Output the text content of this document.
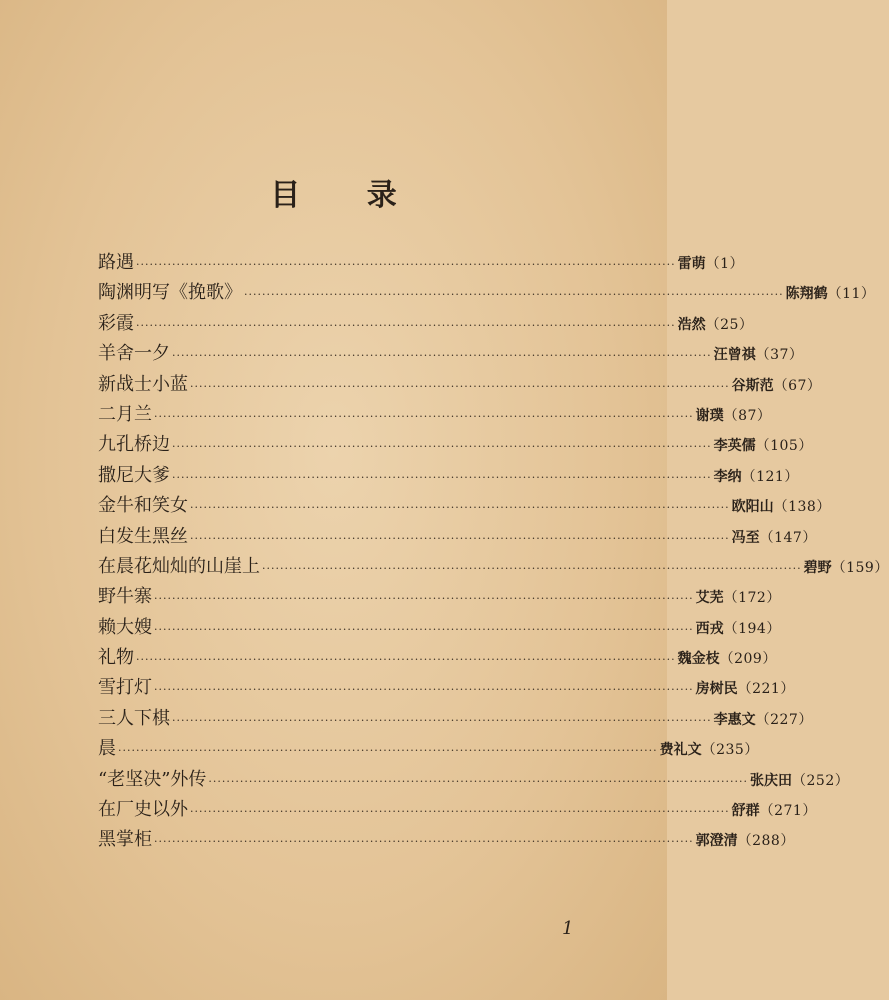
目 录
路遇 ························································································································ 雷萌 （1）
陶渊明写《挽歌》 ························································································································ 陈翔鹤 （11）
彩霞 ························································································································ 浩然 （25）
羊舍一夕 ························································································································ 汪曾祺 （37）
新战士小蓝 ························································································································ 谷斯范 （67）
二月兰 ························································································································ 谢璞 （87）
九孔桥边 ························································································································ 李英儒 （105）
撒尼大爹 ························································································································ 李纳 （121）
金牛和笑女 ························································································································ 欧阳山 （138）
白发生黑丝 ························································································································ 冯至 （147）
在晨花灿灿的山崖上 ························································································································ 碧野 （159）
野牛寨 ························································································································ 艾芜 （172）
赖大嫂 ························································································································ 西戎 （194）
礼物 ························································································································ 魏金枝 （209）
雪打灯 ························································································································ 房树民 （221）
三人下棋 ························································································································ 李惠文 （227）
晨 ························································································································ 费礼文 （235）
“老坚决”外传 ························································································································ 张庆田 （252）
在厂史以外 ························································································································ 舒群 （271）
黑掌柜 ························································································································ 郭澄清 （288）
1
